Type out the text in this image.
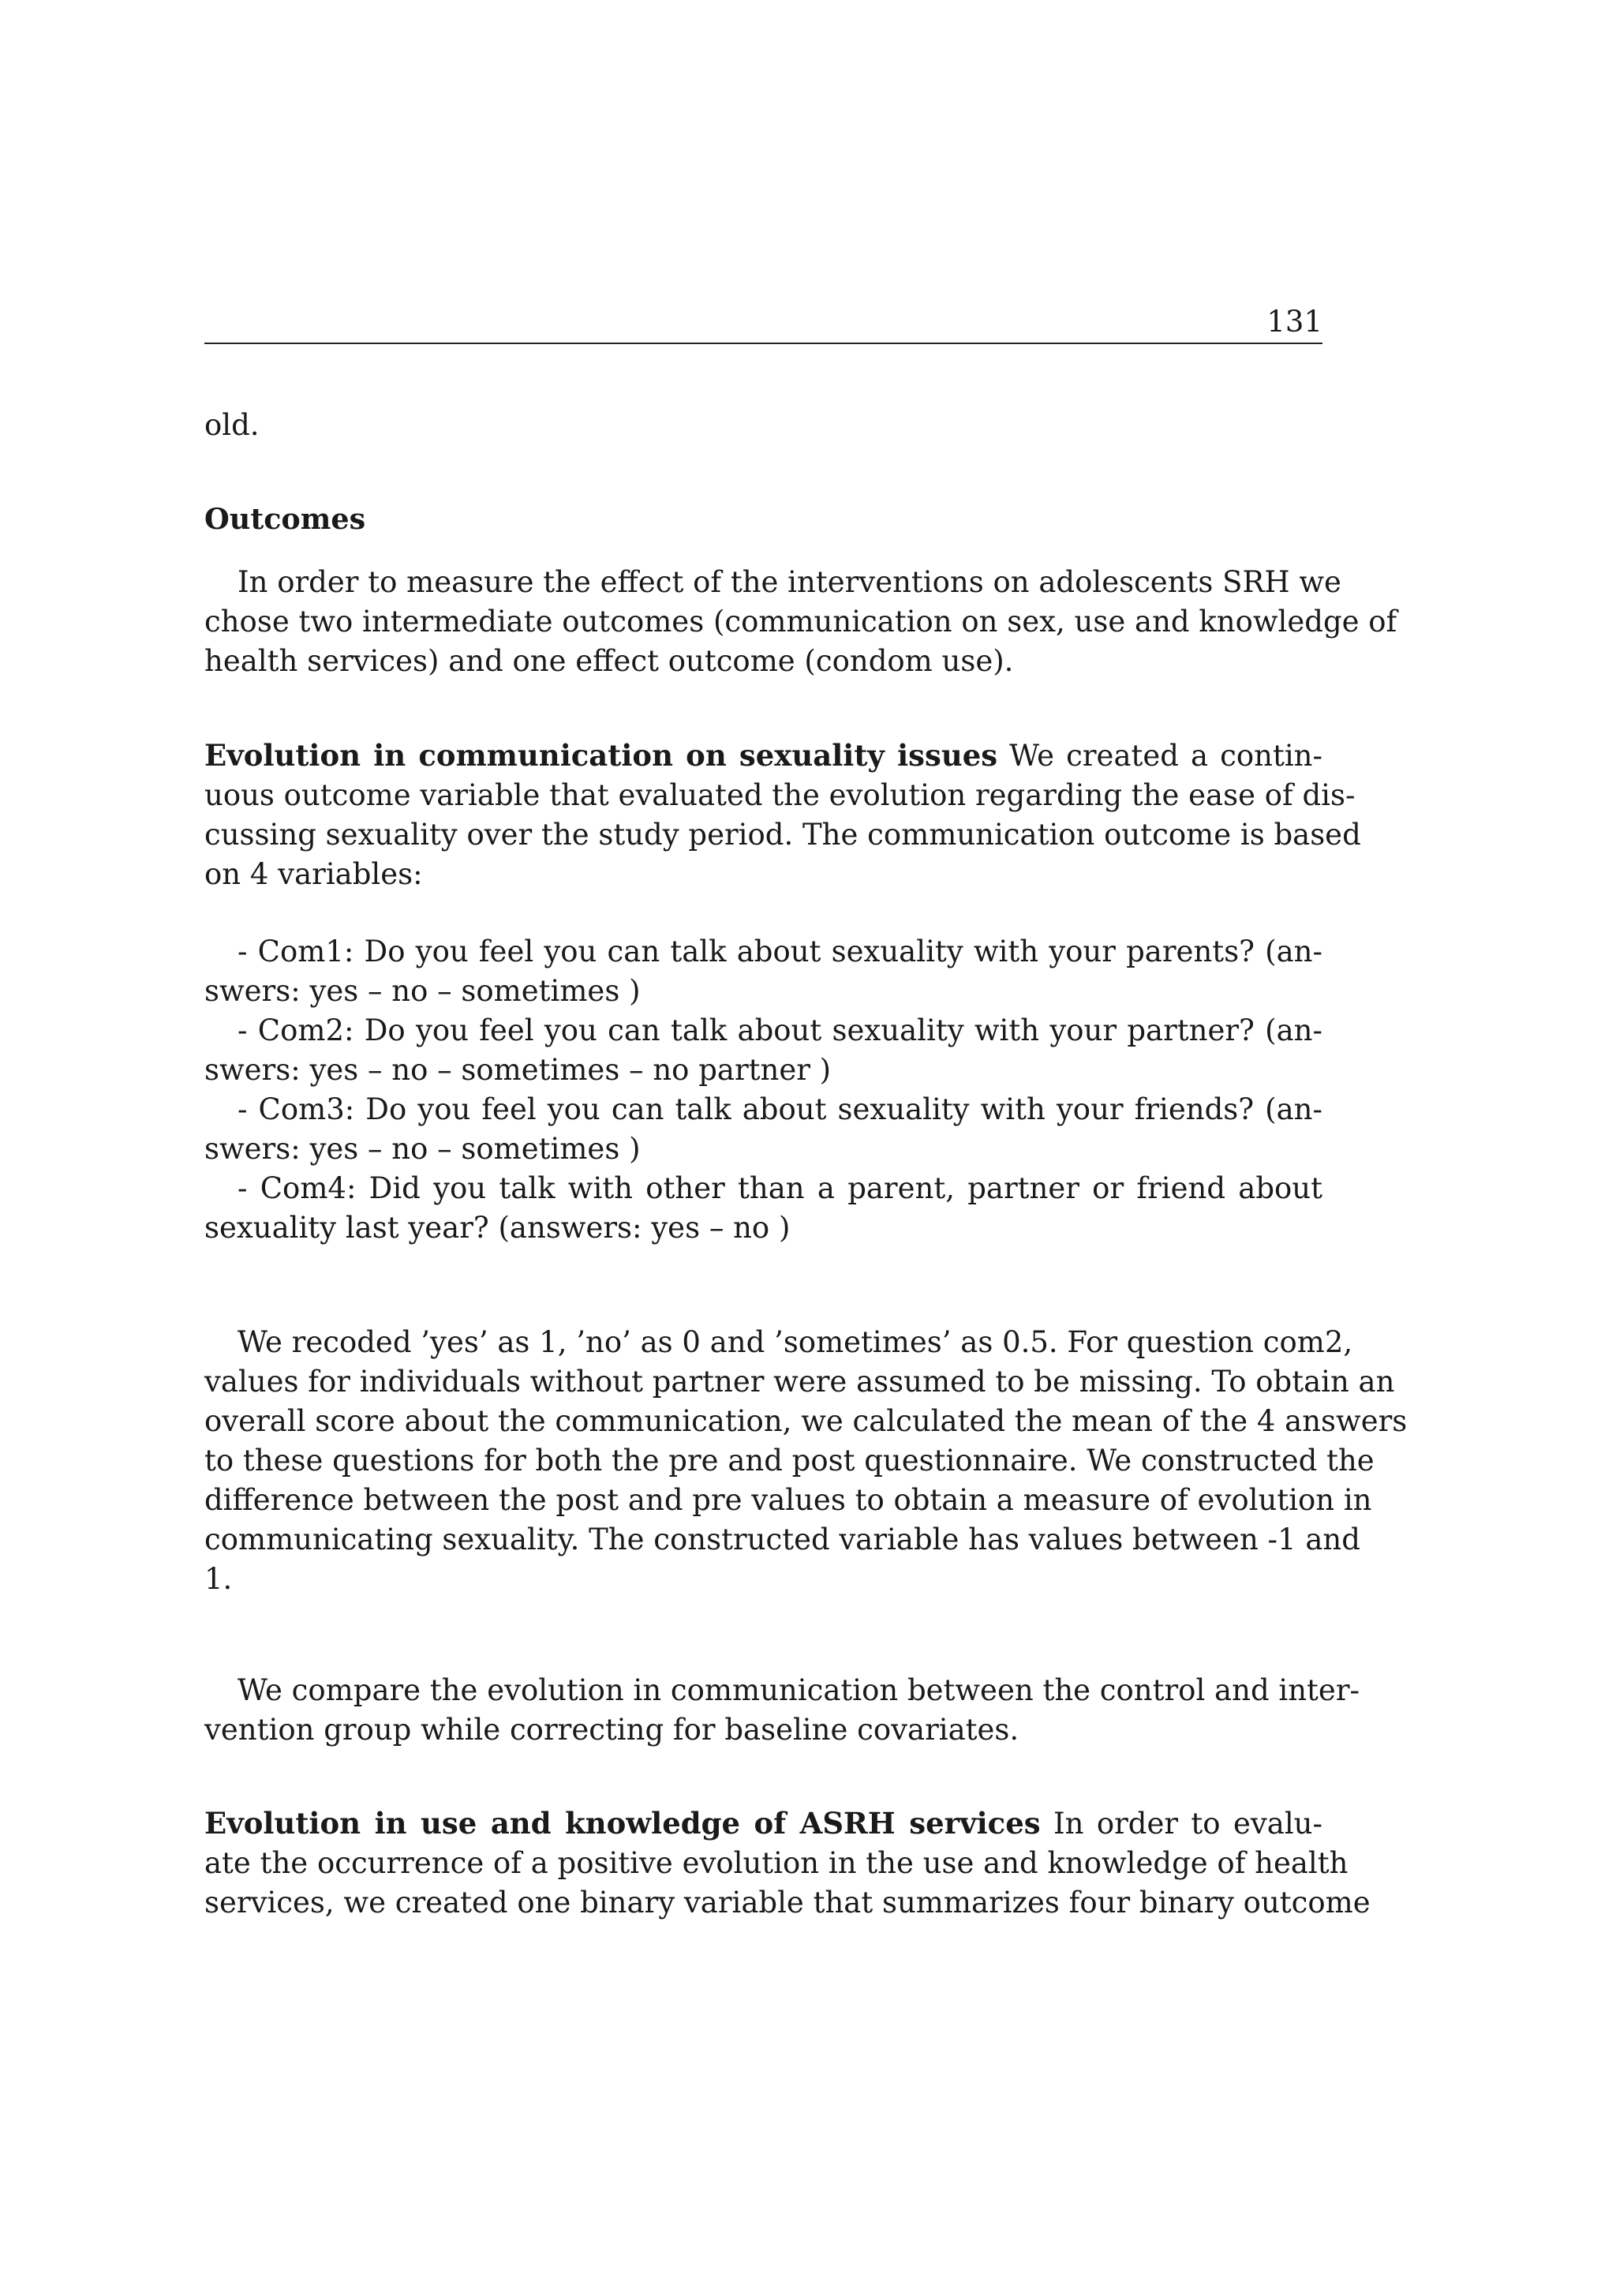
131
old.
Outcomes
In order to measure the effect of the interventions on adolescents SRH we
chose two intermediate outcomes (communication on sex, use and knowledge of
health services) and one effect outcome (condom use).
Evolution in communication on sexuality issues We created a contin-
uous outcome variable that evaluated the evolution regarding the ease of dis-
cussing sexuality over the study period. The communication outcome is based
on 4 variables:
- Com1: Do you feel you can talk about sexuality with your parents? (an-
swers: yes – no – sometimes )
- Com2: Do you feel you can talk about sexuality with your partner? (an-
swers: yes – no – sometimes – no partner )
- Com3: Do you feel you can talk about sexuality with your friends? (an-
swers: yes – no – sometimes )
- Com4: Did you talk with other than a parent, partner or friend about
sexuality last year? (answers: yes – no )
We recoded ’yes’ as 1, ’no’ as 0 and ’sometimes’ as 0.5. For question com2,
values for individuals without partner were assumed to be missing. To obtain an
overall score about the communication, we calculated the mean of the 4 answers
to these questions for both the pre and post questionnaire. We constructed the
difference between the post and pre values to obtain a measure of evolution in
communicating sexuality. The constructed variable has values between -1 and
1.
We compare the evolution in communication between the control and inter-
vention group while correcting for baseline covariates.
Evolution in use and knowledge of ASRH services In order to evalu-
ate the occurrence of a positive evolution in the use and knowledge of health
services, we created one binary variable that summarizes four binary outcome
